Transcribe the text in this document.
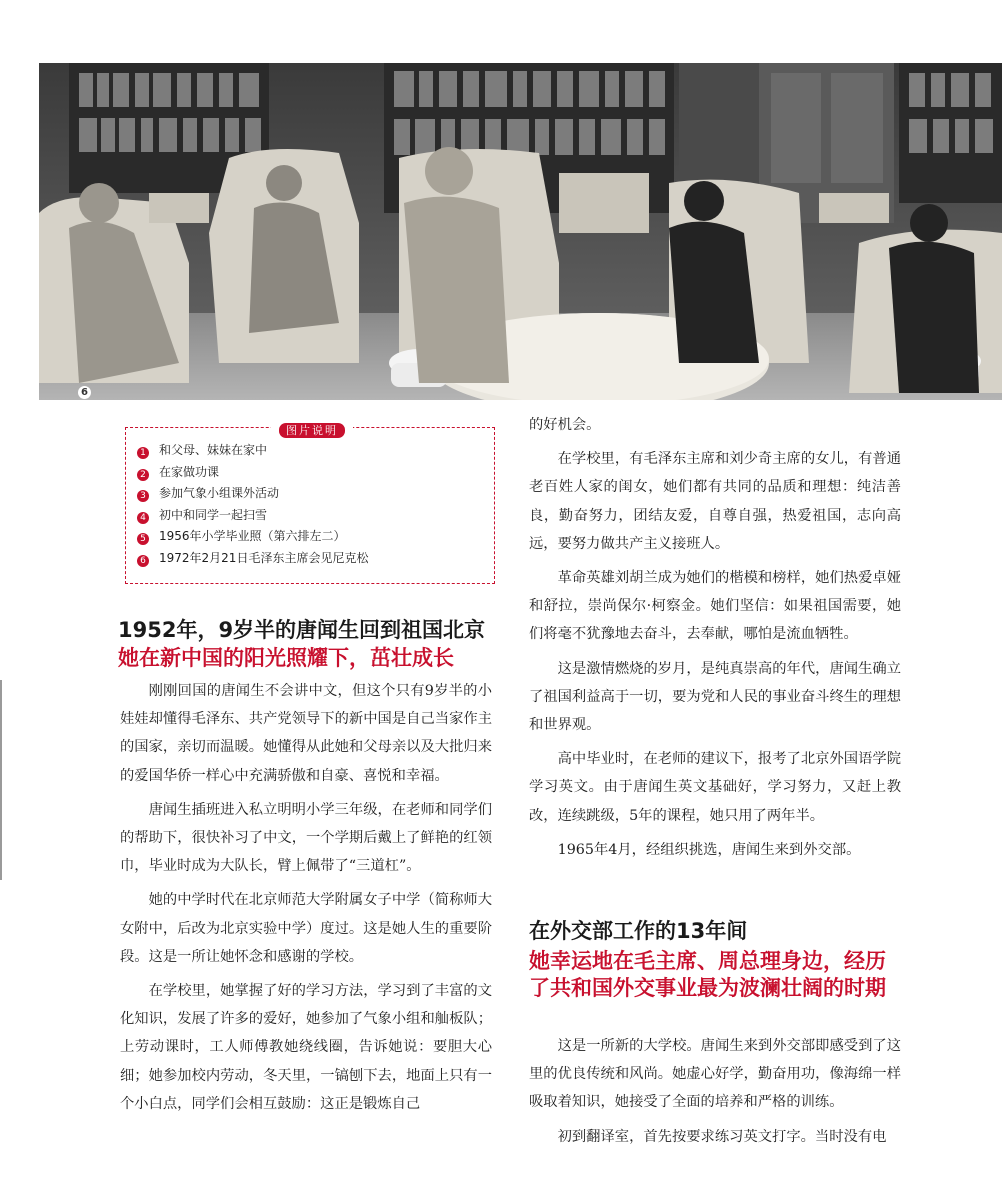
6
图片说明
1 和父母、妹妹在家中
2 在家做功课
3 参加气象小组课外活动
4 初中和同学一起扫雪
5 1956年小学毕业照（第六排左二）
6 1972年2月21日毛泽东主席会见尼克松
1952年，9岁半的唐闻生回到祖国北京
她在新中国的阳光照耀下，茁壮成长

刚刚回国的唐闻生不会讲中文，但这个只有9岁半的小娃娃却懂得毛泽东、共产党领导下的新中国是自己当家作主的国家，亲切而温暖。她懂得从此她和父母亲以及大批归来的爱国华侨一样心中充满骄傲和自豪、喜悦和幸福。

唐闻生插班进入私立明明小学三年级，在老师和同学们的帮助下，很快补习了中文，一个学期后戴上了鲜艳的红领巾，毕业时成为大队长，臂上佩带了“三道杠”。

她的中学时代在北京师范大学附属女子中学（简称师大女附中，后改为北京实验中学）度过。这是她人生的重要阶段。这是一所让她怀念和感谢的学校。

在学校里，她掌握了好的学习方法，学习到了丰富的文化知识，发展了许多的爱好，她参加了气象小组和舢板队；上劳动课时，工人师傅教她绕线圈，告诉她说：要胆大心细；她参加校内劳动，冬天里，一镐刨下去，地面上只有一个小白点，同学们会相互鼓励：这正是锻炼自己

的好机会。

在学校里，有毛泽东主席和刘少奇主席的女儿，有普通老百姓人家的闺女，她们都有共同的品质和理想：纯洁善良，勤奋努力，团结友爱，自尊自强，热爱祖国，志向高远，要努力做共产主义接班人。

革命英雄刘胡兰成为她们的楷模和榜样，她们热爱卓娅和舒拉，崇尚保尔·柯察金。她们坚信：如果祖国需要，她们将毫不犹豫地去奋斗，去奉献，哪怕是流血牺牲。

这是激情燃烧的岁月，是纯真崇高的年代，唐闻生确立了祖国利益高于一切，要为党和人民的事业奋斗终生的理想和世界观。

高中毕业时，在老师的建议下，报考了北京外国语学院学习英文。由于唐闻生英文基础好，学习努力，又赶上教改，连续跳级，5年的课程，她只用了两年半。

1965年4月，经组织挑选，唐闻生来到外交部。

在外交部工作的13年间
她幸运地在毛主席、周总理身边，经历了共和国外交事业最为波澜壮阔的时期

这是一所新的大学校。唐闻生来到外交部即感受到了这里的优良传统和风尚。她虚心好学，勤奋用功，像海绵一样吸取着知识，她接受了全面的培养和严格的训练。

初到翻译室，首先按要求练习英文打字。当时没有电
